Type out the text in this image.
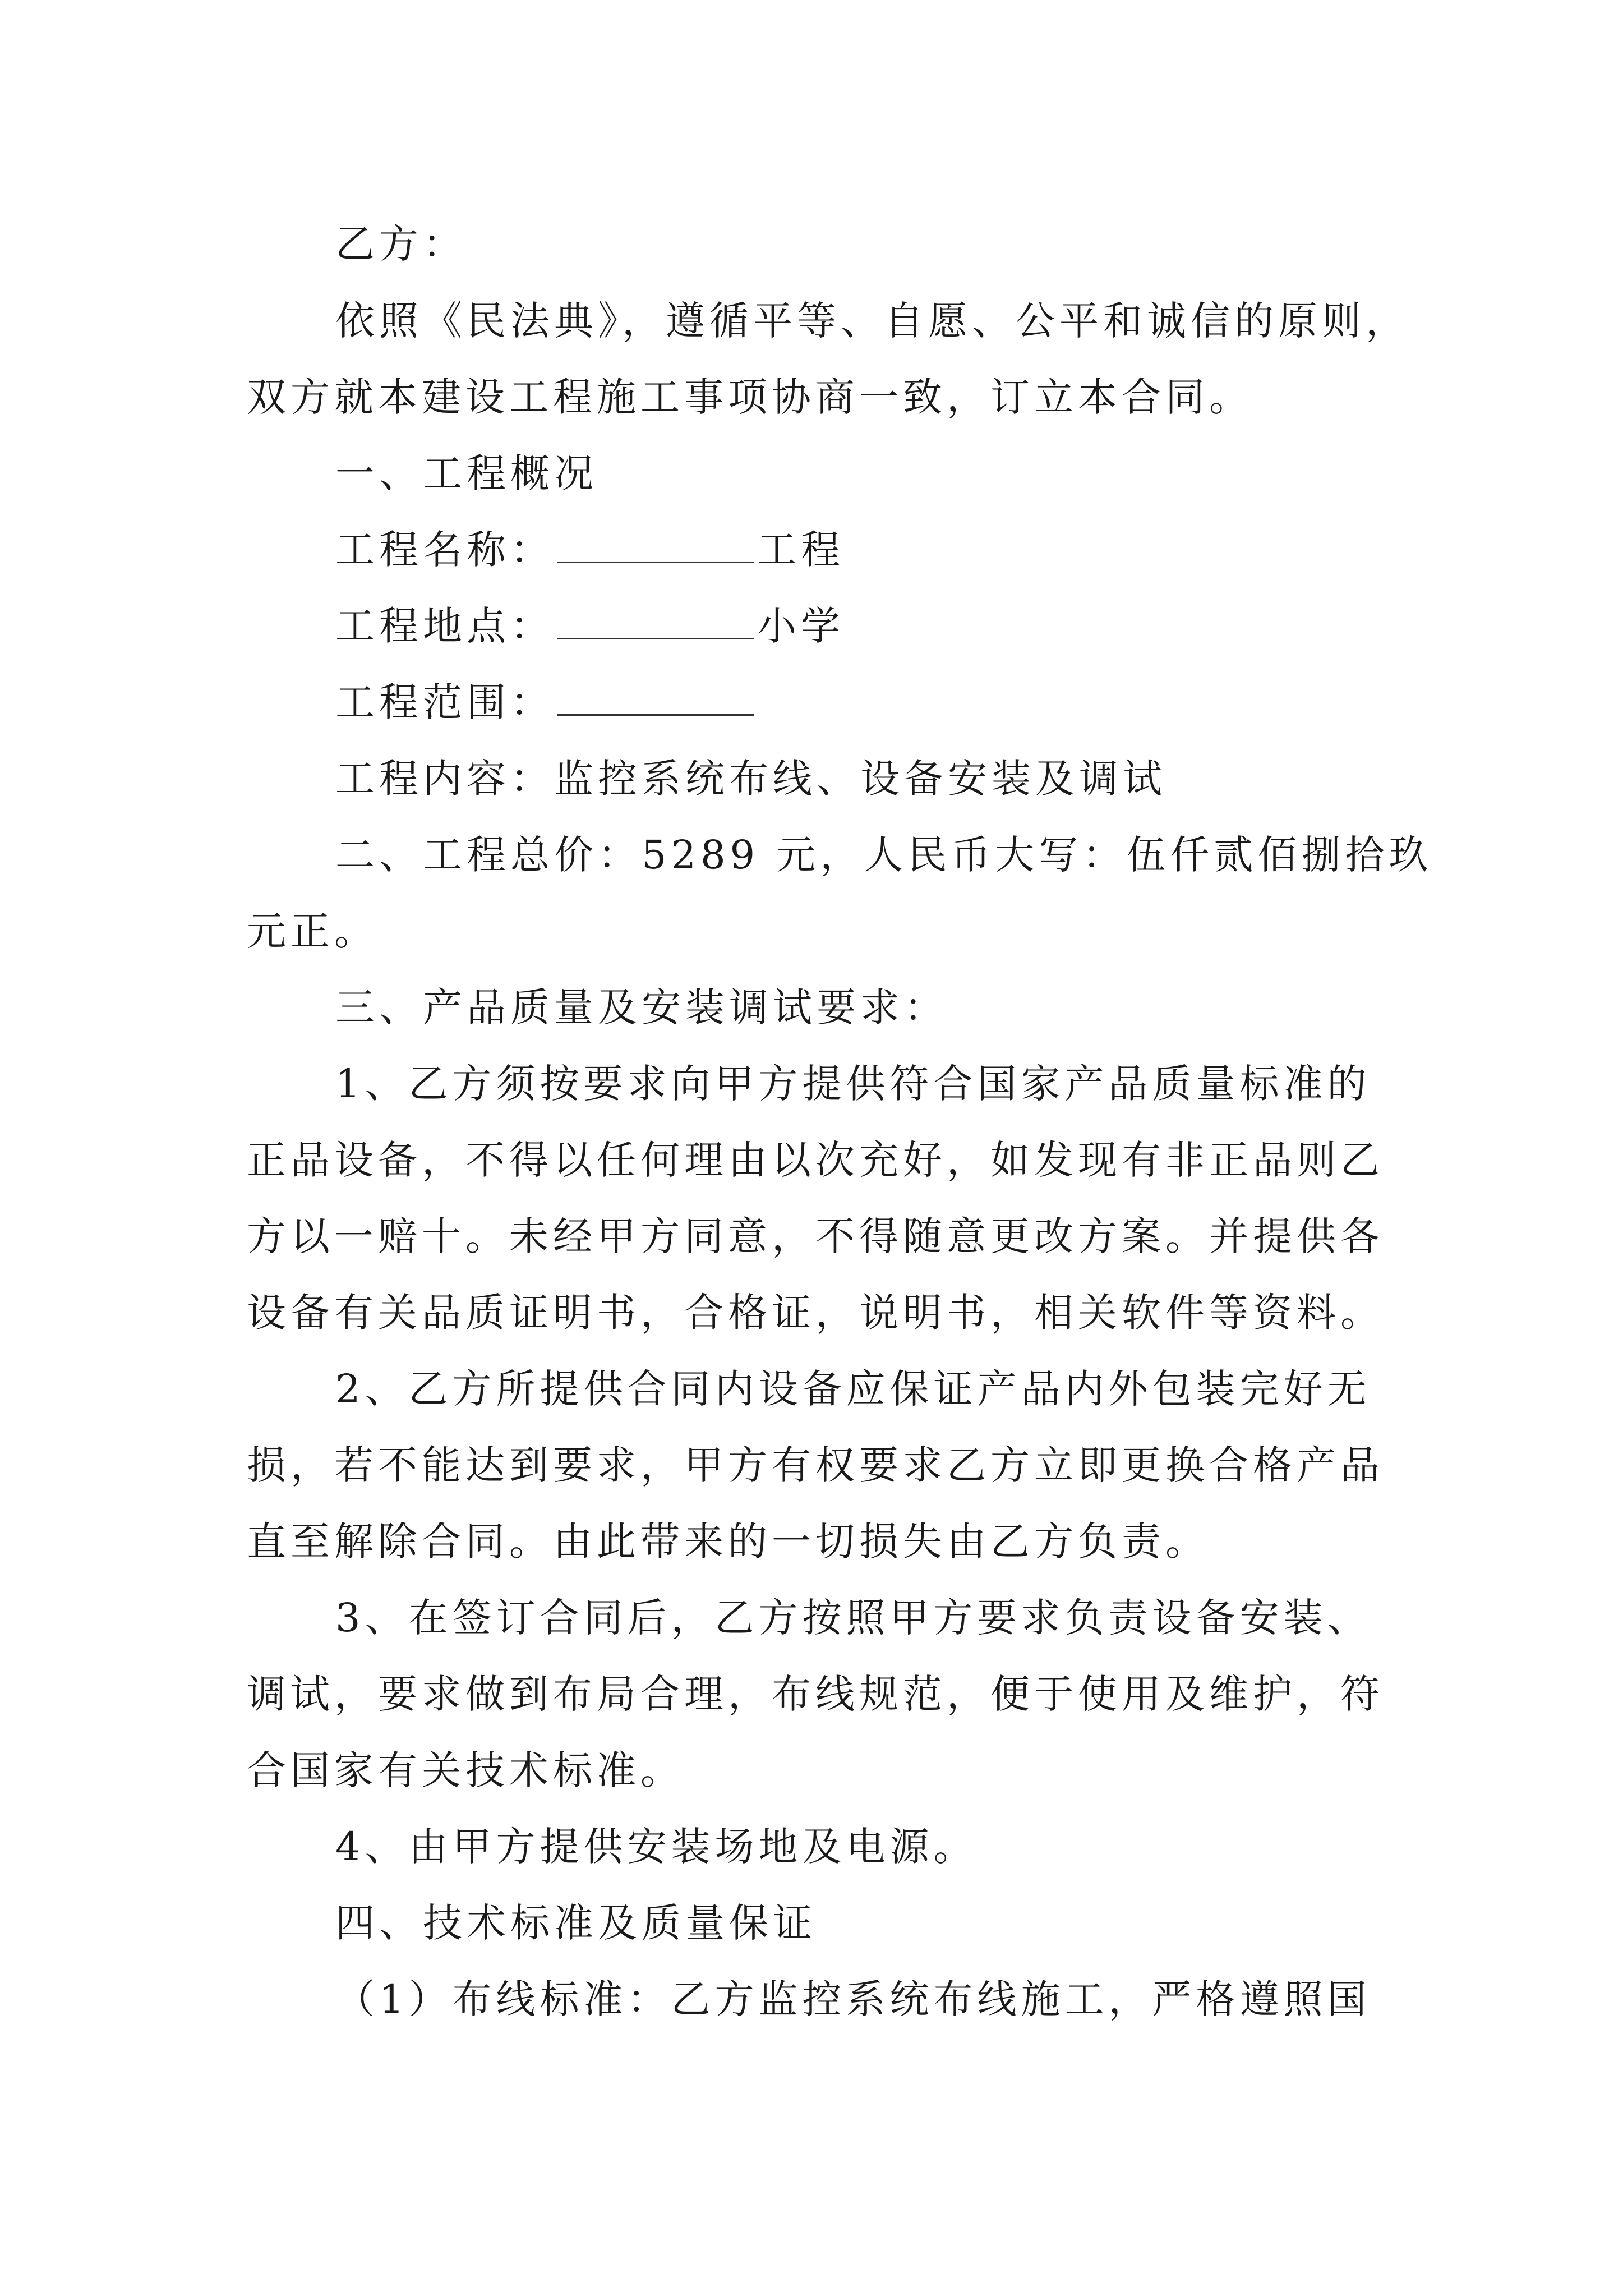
乙方：
依照《民法典》，遵循平等、自愿、公平和诚信的原则，
双方就本建设工程施工事项协商一致，订立本合同。
一、工程概况
工程名称：	工程
工程地点：	小学
工程范围：
工程内容：监控系统布线、设备安装及调试
二、工程总价：5289 元，人民币大写：伍仟贰佰捌拾玖
元正。
三、产品质量及安装调试要求：
1、乙方须按要求向甲方提供符合国家产品质量标准的
正品设备，不得以任何理由以次充好，如发现有非正品则乙
方以一赔十。未经甲方同意，不得随意更改方案。并提供各
设备有关品质证明书，合格证，说明书，相关软件等资料。
2、乙方所提供合同内设备应保证产品内外包装完好无
损，若不能达到要求，甲方有权要求乙方立即更换合格产品
直至解除合同。由此带来的一切损失由乙方负责。
3、在签订合同后，乙方按照甲方要求负责设备安装、
调试，要求做到布局合理，布线规范，便于使用及维护，符
合国家有关技术标准。
4、由甲方提供安装场地及电源。
四、技术标准及质量保证
（1）布线标准：乙方监控系统布线施工，严格遵照国
